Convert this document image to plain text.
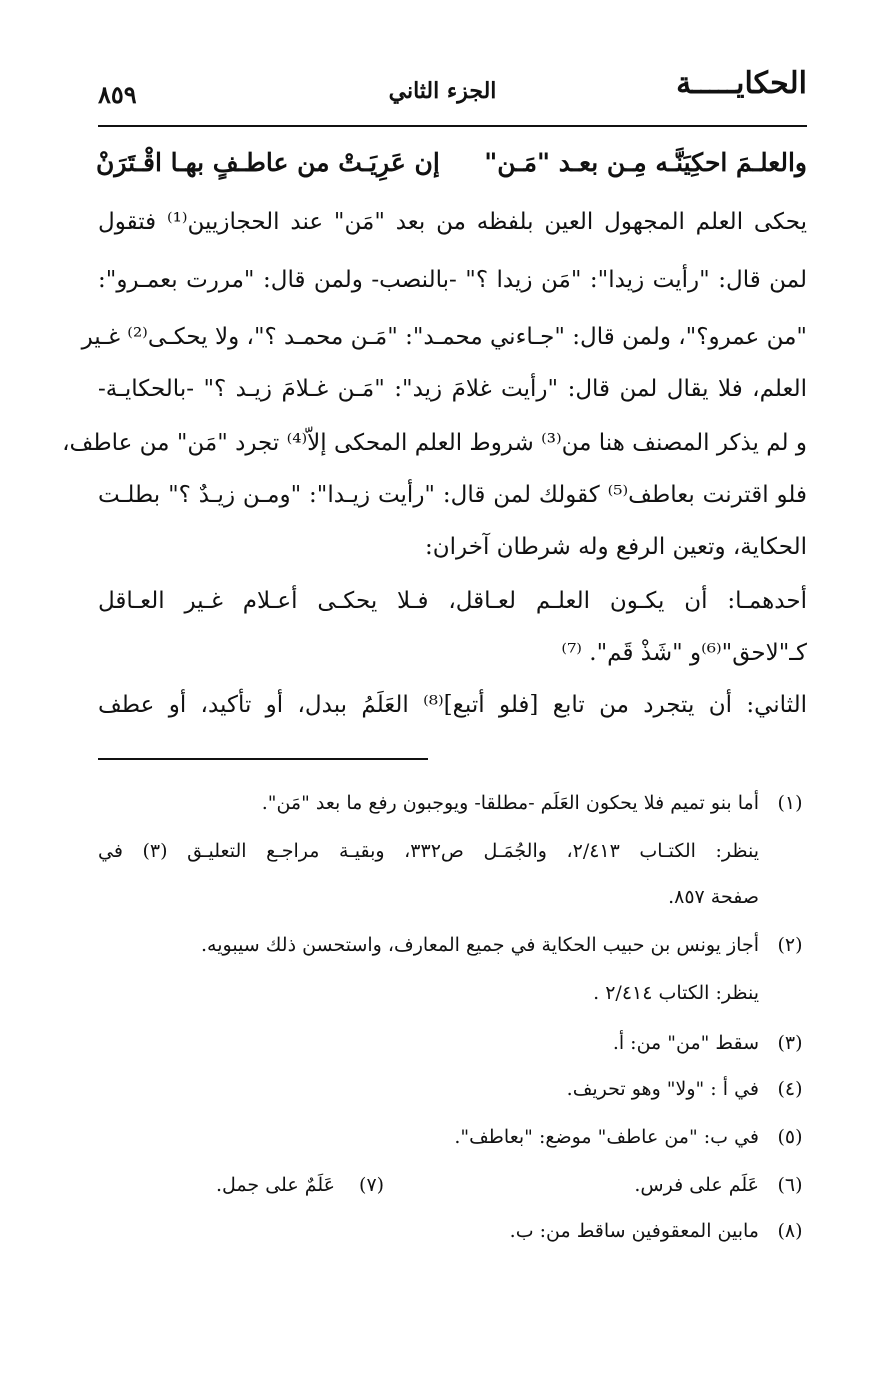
الحكايـــــة
الجزء الثاني
٨٥٩
والعلـمَ احكِيَنَّـه مِـن بعـد "مَـن"
إن عَرِيَـتْ من عاطـفٍ بهـا اقْـتَرَنْ
يحكى العلم المجهول العين بلفظه من بعد "مَن" عند الحجازيين⁽¹⁾ فتقول
لمن قال: "رأيت زيدا": "مَن زيدا ؟" -بالنصب- ولمن قال: "مررت بعمـرو":
"من عمرو؟"، ولمن قال: "جـاءني محمـد": "مَـن محمـد ؟"، ولا يحكـى⁽²⁾ غـير
العلم، فلا يقال لمن قال: "رأيت غلامَ زيد": "مَـن غـلامَ زيـد ؟" -بالحكايـة-
و لم يذكر المصنف هنا من⁽³⁾ شروط العلم المحكى إلاّ⁽⁴⁾ تجرد "مَن" من عاطف،
فلو اقترنت بعاطف⁽⁵⁾ كقولك لمن قال: "رأيت زيـدا": "ومـن زيـدٌ ؟" بطلـت
الحكاية، وتعين الرفع وله شرطان آخران:
أحدهمـا: أن يكـون العلـم لعـاقل، فـلا يحكـى أعـلام غـير العـاقل
كـ"لاحق"⁽⁶⁾و "شَذْ قَم". ⁽⁷⁾
الثاني: أن يتجرد من تابع [فلو أتبع]⁽⁸⁾ العَلَمُ ببدل، أو تأكيد، أو عطف
(١)
أما بنو تميم فلا يحكون العَلَم -مطلقا- ويوجبون رفع ما بعد "مَن".
ينظر: الكتـاب ٢/٤١٣، والجُمَـل ص٣٣٢، وبقيـة مراجـع التعليـق (٣) في
صفحة ٨٥٧.
(٢)
أجاز يونس بن حبيب الحكاية في جميع المعارف، واستحسن ذلك سيبويه.
ينظر: الكتاب ٢/٤١٤ .
(٣)
سقط "من" من: أ.
(٤)
في أ : "ولا" وهو تحريف.
(٥)
في ب: "من عاطف" موضع: "بعاطف".
(٦)
عَلَم على فرس.
(٧) عَلَمٌ على جمل.
(٨)
مابين المعقوفين ساقط من: ب.
